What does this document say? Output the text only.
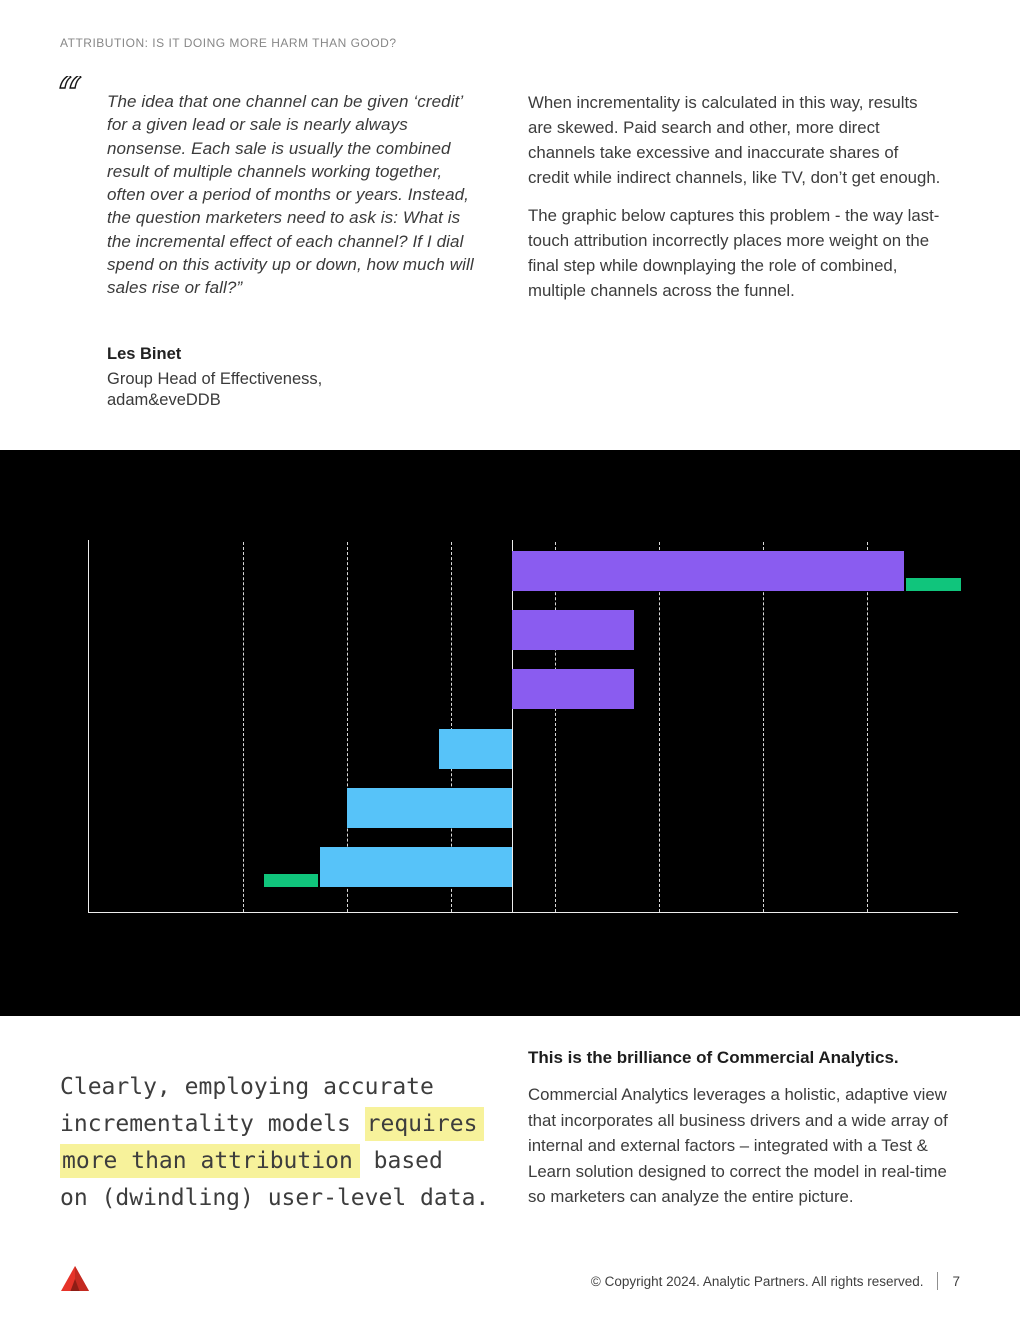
ATTRIBUTION: IS IT DOING MORE HARM THAN GOOD?
“ The idea that one channel can be given ‘credit’ for a given lead or sale is nearly always nonsense. Each sale is usually the combined result of multiple channels working together, often over a period of months or years. Instead, the question marketers need to ask is: What is the incremental effect of each channel? If I dial spend on this activity up or down, how much will sales rise or fall?”
Les Binet
Group Head of Effectiveness,
adam&eveDDB

When incrementality is calculated in this way, results are skewed. Paid search and other, more direct channels take excessive and inaccurate shares of credit while indirect channels, like TV, don’t get enough.

The graphic below captures this problem - the way last-touch attribution incorrectly places more weight on the final step while downplaying the role of combined, multiple channels across the funnel.

Clearly, employing accurate
incrementality models requires
more than attribution based
on (dwindling) user-level data.

This is the brilliance of Commercial Analytics.

Commercial Analytics leverages a holistic, adaptive view that incorporates all business drivers and a wide array of internal and external factors – integrated with a Test & Learn solution designed to correct the model in real-time so marketers can analyze the entire picture.

© Copyright 2024. Analytic Partners. All rights reserved. 7
